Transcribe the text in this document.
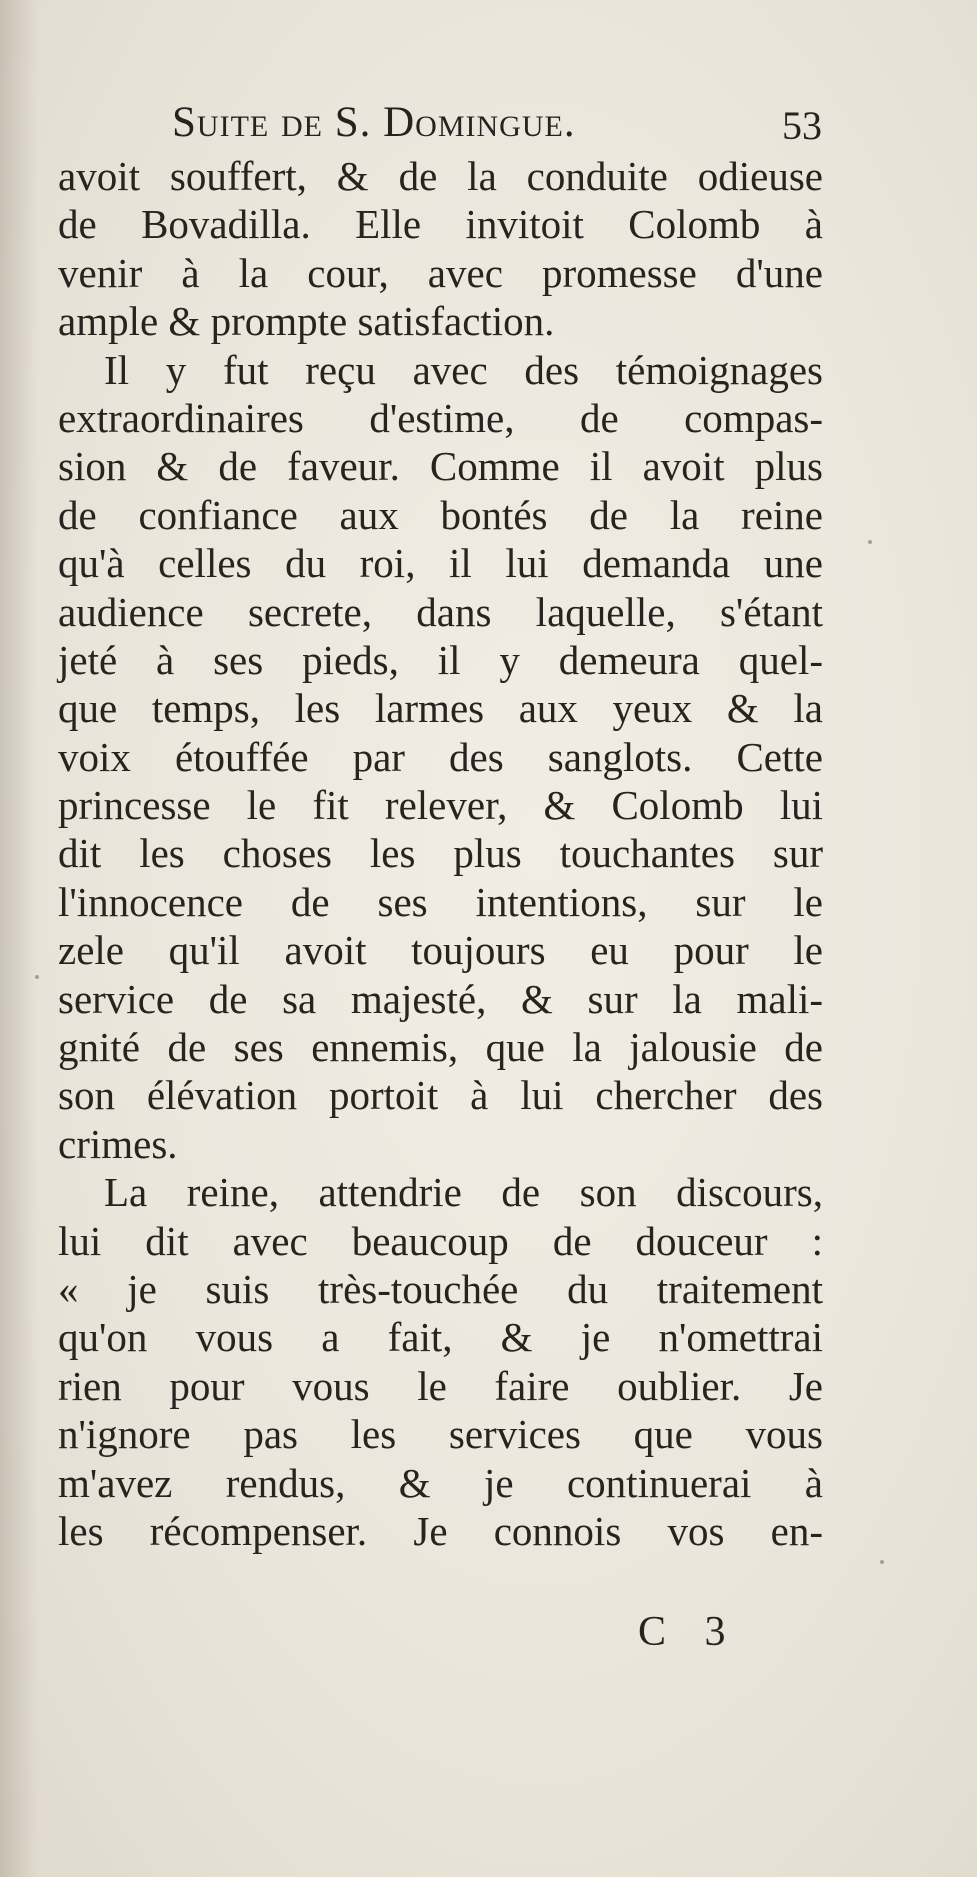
Suite de S. Domingue.	53
avoit souffert, & de la conduite odieuse
de Bovadilla. Elle invitoit Colomb à
venir à la cour, avec promesse d'une
ample & prompte satisfaction.
Il y fut reçu avec des témoignages
extraordinaires d'estime, de compas-
sion & de faveur. Comme il avoit plus
de confiance aux bontés de la reine
qu'à celles du roi, il lui demanda une
audience secrete, dans laquelle, s'étant
jeté à ses pieds, il y demeura quel-
que temps, les larmes aux yeux & la
voix étouffée par des sanglots. Cette
princesse le fit relever, & Colomb lui
dit les choses les plus touchantes sur
l'innocence de ses intentions, sur le
zele qu'il avoit toujours eu pour le
service de sa majesté, & sur la mali-
gnité de ses ennemis, que la jalousie de
son élévation portoit à lui chercher des
crimes.
La reine, attendrie de son discours,
lui dit avec beaucoup de douceur :
« je suis très-touchée du traitement
qu'on vous a fait, & je n'omettrai
rien pour vous le faire oublier. Je
n'ignore pas les services que vous
m'avez rendus, & je continuerai à
les récompenser. Je connois vos en-
C 3
